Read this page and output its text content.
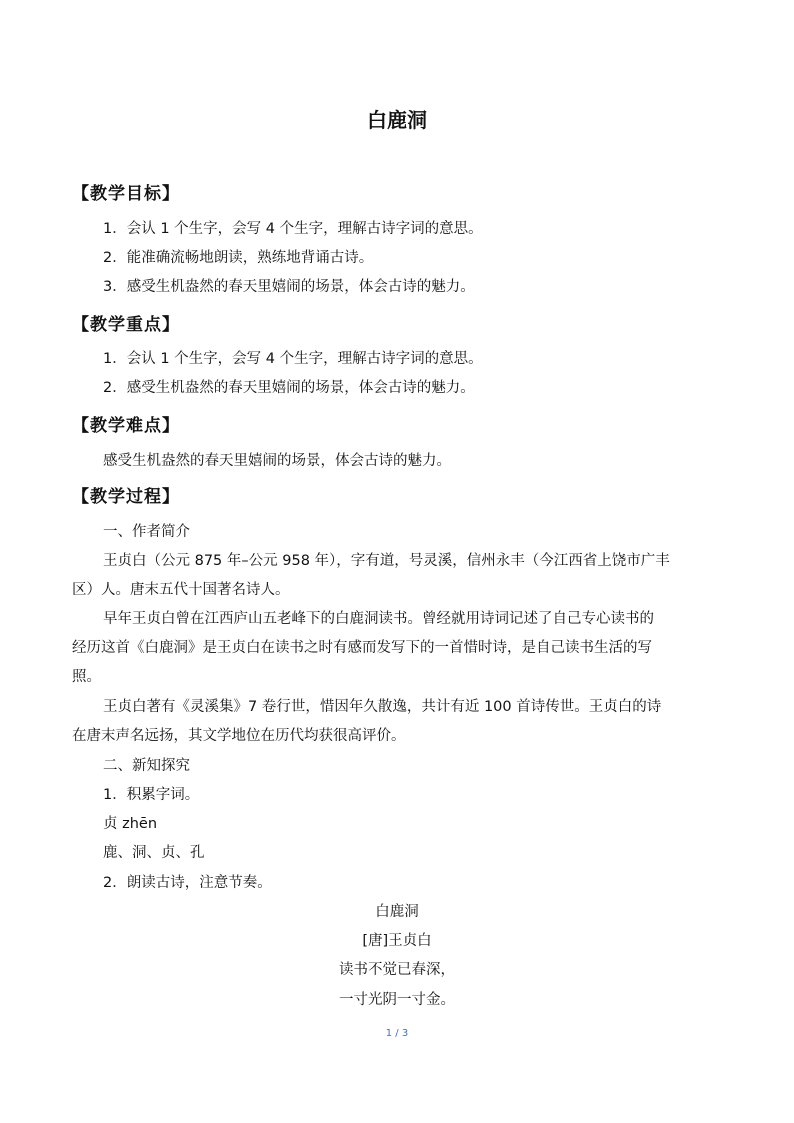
白鹿洞
【教学目标】
1．会认 1 个生字，会写 4 个生字，理解古诗字词的意思。
2．能准确流畅地朗读，熟练地背诵古诗。
3．感受生机盎然的春天里嬉闹的场景，体会古诗的魅力。
【教学重点】
1．会认 1 个生字，会写 4 个生字，理解古诗字词的意思。
2．感受生机盎然的春天里嬉闹的场景，体会古诗的魅力。
【教学难点】
感受生机盎然的春天里嬉闹的场景，体会古诗的魅力。
【教学过程】
一、作者简介
王贞白（公元 875 年–公元 958 年），字有道，号灵溪，信州永丰（今江西省上饶市广丰
区）人。唐末五代十国著名诗人。
早年王贞白曾在江西庐山五老峰下的白鹿洞读书。曾经就用诗词记述了自己专心读书的
经历这首《白鹿洞》是王贞白在读书之时有感而发写下的一首惜时诗，是自己读书生活的写
照。
王贞白著有《灵溪集》7 卷行世，惜因年久散逸，共计有近 100 首诗传世。王贞白的诗
在唐末声名远扬，其文学地位在历代均获很高评价。
二、新知探究
1．积累字词。
贞 zhēn
鹿、洞、贞、孔
2．朗读古诗，注意节奏。
白鹿洞
[唐]王贞白
读书不觉已春深，
一寸光阴一寸金。
1 / 3
